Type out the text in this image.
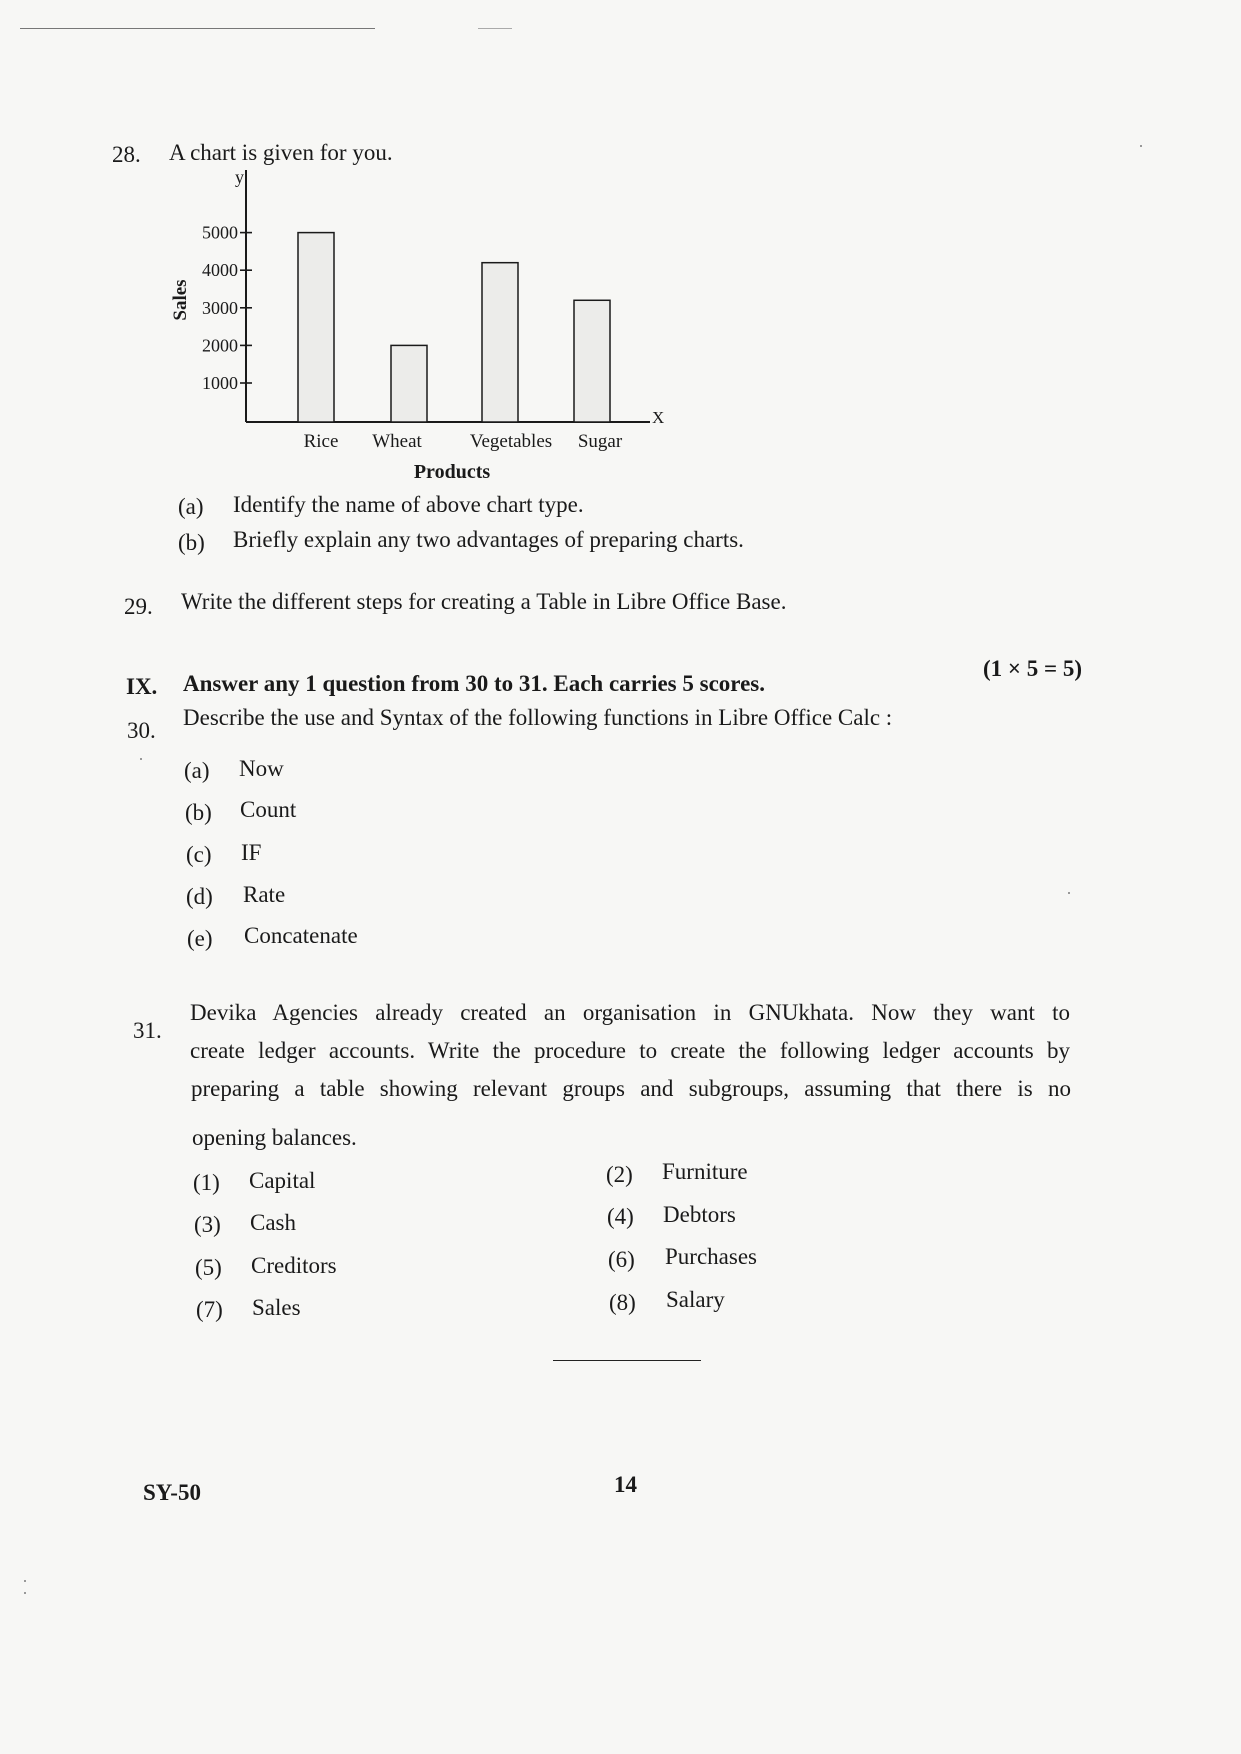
28. A chart is given for you.
1000
2000
3000
4000
5000
Rice Wheat	Vegetables Sugar
y
X
Sales
Products
(a) Identify the name of above chart type.
(b) Briefly explain any two advantages of preparing charts.
29. Write the different steps for creating a Table in Libre Office Base.
IX. Answer any 1 question from 30 to 31. Each carries 5 scores.
(1 × 5 = 5)
30.
Describe the use and Syntax of the following functions in Libre Office Calc :
(a) Now
(b) Count
(c) IF
(d) Rate
(e) Concatenate
31.
Devika Agencies already created an organisation in GNUkhata. Now they want to
create ledger accounts. Write the procedure to create the following ledger accounts by
preparing a table showing relevant groups and subgroups, assuming that there is no
opening balances.
(1) Capital	(2) Furniture
(3) Cash	(4) Debtors
(5) Creditors	(6) Purchases
(7) Sales	(8) Salary
SY-50	14
